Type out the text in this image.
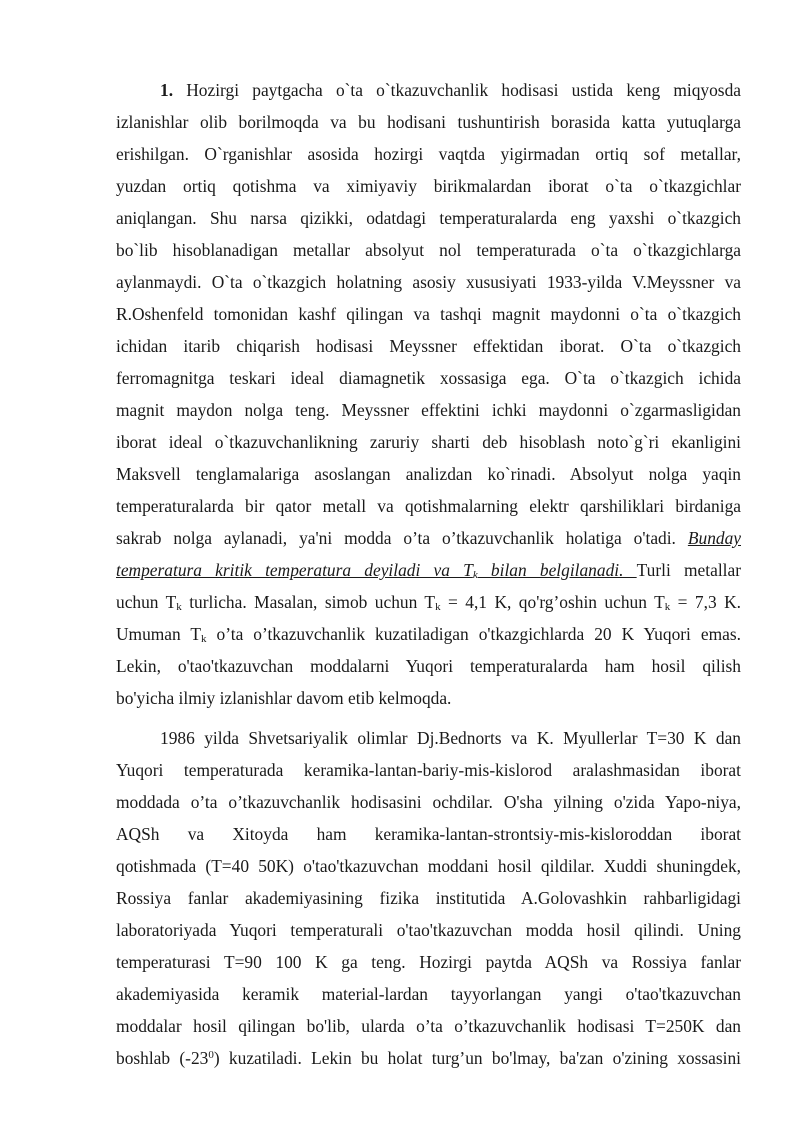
1. Hozirgi paytgacha o`ta o`tkazuvchanlik hodisasi ustida keng miqyosda
izlanishlar olib borilmoqda va bu hodisani tushuntirish borasida katta yutuqlarga
erishilgan. O`rganishlar asosida hozirgi vaqtda yigirmadan ortiq sof metallar,
yuzdan ortiq qotishma va ximiyaviy birikmalardan iborat o`ta o`tkazgichlar
aniqlangan. Shu narsa qizikki, odatdagi temperaturalarda eng yaxshi o`tkazgich
bo`lib hisoblanadigan metallar absolyut nol temperaturada o`ta o`tkazgichlarga
aylanmaydi. O`ta o`tkazgich holatning asosiy xususiyati 1933-yilda V.Meyssner va
R.Oshenfeld tomonidan kashf qilingan va tashqi magnit maydonni o`ta o`tkazgich
ichidan itarib chiqarish hodisasi Meyssner effektidan iborat. O`ta o`tkazgich
ferromagnitga teskari ideal diamagnetik xossasiga ega. O`ta o`tkazgich ichida
magnit maydon nolga teng. Meyssner effektini ichki maydonni o`zgarmasligidan
iborat ideal o`tkazuvchanlikning zaruriy sharti deb hisoblash noto`g`ri ekanligini
Maksvell tenglamalariga asoslangan analizdan ko`rinadi. Absolyut nolga yaqin
temperaturalarda bir qator metall va qotishmalarning elektr qarshiliklari birdaniga
sakrab nolga aylanadi, ya'ni modda o’ta o’tkazuvchanlik holatiga o'tadi. Bunday
temperatura kritik temperatura deyiladi va $T_k$ bilan belgilanadi. Turli metallar
uchun $T_k$ turlicha. Masalan, simob uchun $T_k = 4,1$ K, qo'rg’oshin uchun $T_k = 7,3$ K.
Umuman $T_k$ o’ta o’tkazuvchanlik kuzatiladigan o'tkazgichlarda 20 K Yuqori emas.
Lekin, o'tao'tkazuvchan moddalarni Yuqori temperaturalarda ham hosil qilish
bo'yicha ilmiy izlanishlar davom etib kelmoqda.
1986 yilda Shvetsariyalik olimlar Dj.Bednorts va K. Myullerlar T=30 K dan
Yuqori temperaturada keramika-lantan-bariy-mis-kislorod aralashmasidan iborat
moddada o’ta o’tkazuvchanlik hodisasini ochdilar. O'sha yilning o'zida Yapo-niya,
AQSh va Xitoyda ham keramika-lantan-strontsiy-mis-kisloroddan iborat
qotishmada (T=40 50K) o'tao'tkazuvchan moddani hosil qildilar. Xuddi shuningdek,
Rossiya fanlar akademiyasining fizika institutida A.Golovashkin rahbarligidagi
laboratoriyada Yuqori temperaturali o'tao'tkazuvchan modda hosil qilindi. Uning
temperaturasi T=90 100 K ga teng. Hozirgi paytda AQSh va Rossiya fanlar
akademiyasida keramik material-lardan tayyorlangan yangi o'tao'tkazuvchan
moddalar hosil qilingan bo'lib, ularda o’ta o’tkazuvchanlik hodisasi T=250K dan
boshlab $(-23^0)$ kuzatiladi. Lekin bu holat turg’un bo'lmay, ba'zan o'zining xossasini
